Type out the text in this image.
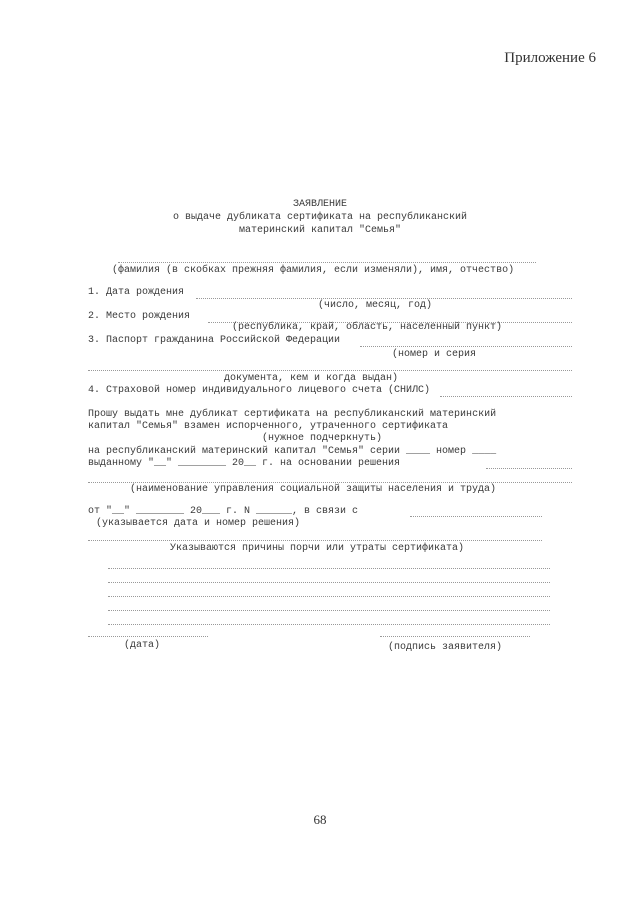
Приложение 6
ЗАЯВЛЕНИЕ
о выдаче дубликата сертификата на республиканский
материнский капитал "Семья"
(фамилия (в скобках прежняя фамилия, если изменяли), имя, отчество)
1. Дата рождения
(число, месяц, год)
2. Место рождения
(республика, край, область, населенный пункт)
3. Паспорт гражданина Российской Федерации
(номер и серия
документа, кем и когда выдан)
4. Страховой номер индивидуального лицевого счета (СНИЛС)
Прошу выдать мне дубликат сертификата на республиканский материнский
капитал "Семья" взамен испорченного, утраченного сертификата
(нужное подчеркнуть)
на республиканский материнский капитал "Семья" серии ____ номер ____
выданному "__" ________ 20__ г. на основании решения
(наименование управления социальной защиты населения и труда)
от "__" ________ 20___ г. N ______, в связи с
(указывается дата и номер решения)
Указываются причины порчи или утраты сертификата)
(дата)	(подпись заявителя)
68
